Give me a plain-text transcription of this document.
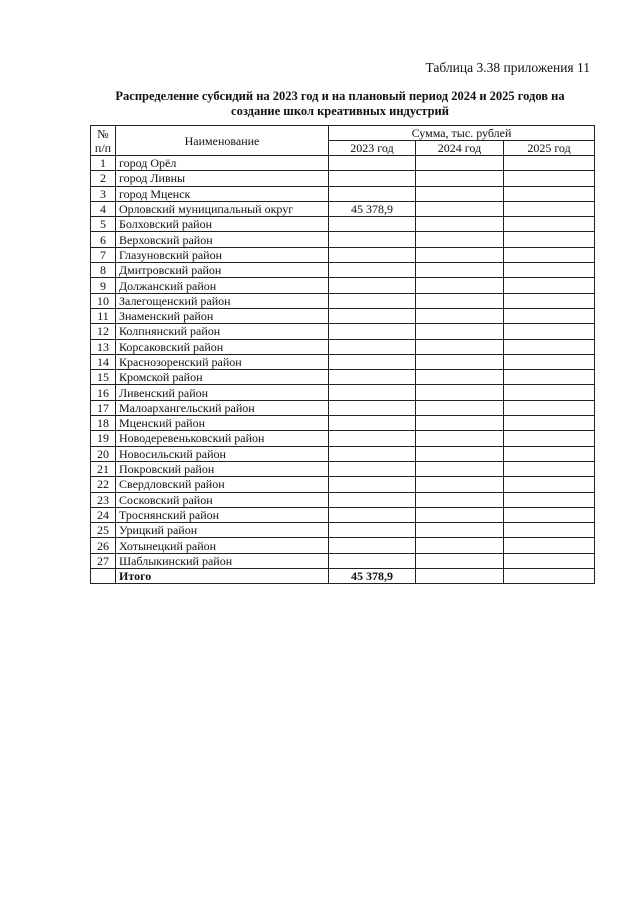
Таблица 3.38 приложения 11
Распределение субсидий на 2023 год и на плановый период 2024 и 2025 годов на
создание школ креативных индустрий
№
п/п	Наименование	Сумма, тыс. рублей		
		2023 год	2024 год	2025 год
1	город Орёл			
2	город Ливны			
3	город Мценск			
4	Орловский муниципальный округ	45 378,9		
5	Болховский район			
6	Верховский район			
7	Глазуновский район			
8	Дмитровский район			
9	Должанский район			
10	Залегощенский район			
11	Знаменский район			
12	Колпнянский район			
13	Корсаковский район			
14	Краснозоренский район			
15	Кромской район			
16	Ливенский район			
17	Малоархангельский район			
18	Мценский район			
19	Новодеревеньковский район			
20	Новосильский район			
21	Покровский район			
22	Свердловский район			
23	Сосковский район			
24	Троснянский район			
25	Урицкий район			
26	Хотынецкий район			
27	Шаблыкинский район			
	Итого	45 378,9		
